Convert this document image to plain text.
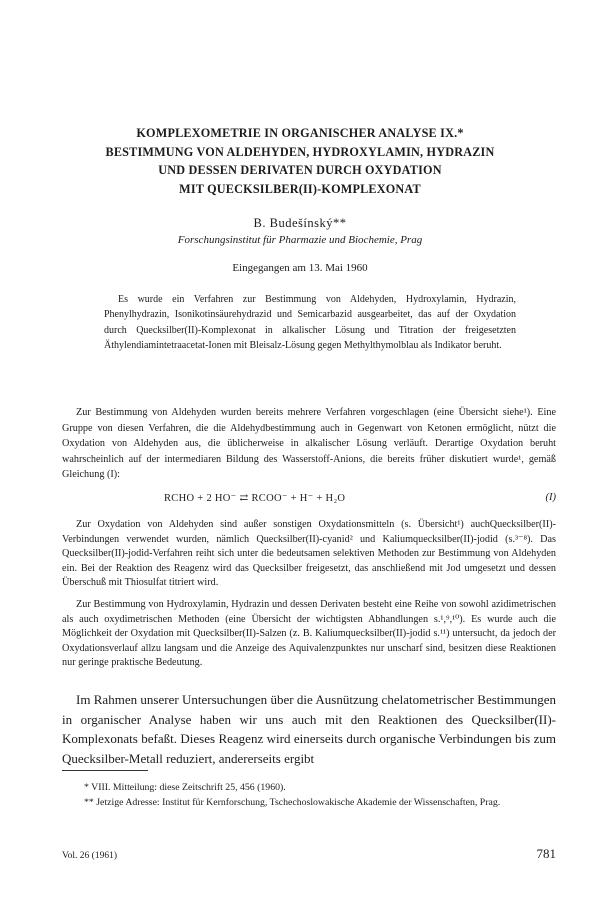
KOMPLEXOMETRIE IN ORGANISCHER ANALYSE IX.*
BESTIMMUNG VON ALDEHYDEN, HYDROXYLAMIN, HYDRAZIN
UND DESSEN DERIVATEN DURCH OXYDATION
MIT QUECKSILBER(II)-KOMPLEXONAT
B. Budešínský**
Forschungsinstitut für Pharmazie und Biochemie, Prag
Eingegangen am 13. Mai 1960

Es wurde ein Verfahren zur Bestimmung von Aldehyden, Hydroxylamin, Hydrazin, Phenylhydrazin, Isonikotinsäurehydrazid und Semicarbazid ausgearbeitet, das auf der Oxydation durch Quecksilber(II)-Komplexonat in alkalischer Lösung und Titration der freigesetzten Äthylendiamintetraacetat-Ionen mit Bleisalz-Lösung gegen Methylthymolblau als Indikator beruht.

Zur Bestimmung von Aldehyden wurden bereits mehrere Verfahren vorgeschlagen (eine Übersicht siehe¹). Eine Gruppe von diesen Verfahren, die die Aldehydbestimmung auch in Gegenwart von Ketonen ermöglicht, nützt die Oxydation von Aldehyden aus, die üblicherweise in alkalischer Lösung verläuft. Derartige Oxydation beruht wahrscheinlich auf der intermediaren Bildung des Wasserstoff-Anions, die bereits früher diskutiert wurde¹, gemäß Gleichung (I):

RCHO + 2 HO⁻ ⇄ RCOO⁻ + H⁻ + H₂O	(I)

Zur Oxydation von Aldehyden sind außer sonstigen Oxydationsmitteln (s. Übersicht¹) auchQuecksilber(II)-Verbindungen verwendet wurden, nämlich Quecksilber(II)-cyanid² und Kaliumquecksilber(II)-jodid (s.³⁻⁸). Das Quecksilber(II)-jodid-Verfahren reiht sich unter die bedeutsamen selektiven Methoden zur Bestimmung von Aldehyden ein. Bei der Reaktion des Reagenz wird das Quecksilber freigesetzt, das anschließend mit Jod umgesetzt und dessen Überschuß mit Thiosulfat titriert wird.

Zur Bestimmung von Hydroxylamin, Hydrazin und dessen Derivaten besteht eine Reihe von sowohl azidimetrischen als auch oxydimetrischen Methoden (eine Übersicht der wichtigsten Abhandlungen s.¹,⁹,¹⁰). Es wurde auch die Möglichkeit der Oxydation mit Quecksilber(II)-Salzen (z. B. Kaliumquecksilber(II)-jodid s.¹¹) untersucht, da jedoch der Oxydationsverlauf allzu langsam und die Anzeige des Aquivalenzpunktes nur unscharf sind, besitzen diese Reaktionen nur geringe praktische Bedeutung.

Im Rahmen unserer Untersuchungen über die Ausnützung chelatometrischer Bestimmungen in organischer Analyse haben wir uns auch mit den Reaktionen des Quecksilber(II)-Komplexonats befaßt. Dieses Reagenz wird einerseits durch organische Verbindungen bis zum Quecksilber-Metall reduziert, andererseits ergibt

* VIII. Mitteilung: diese Zeitschrift 25, 456 (1960).

** Jetzige Adresse: Institut für Kernforschung, Tschechoslowakische Akademie der Wissenschaften, Prag.

Vol. 26 (1961)	781
